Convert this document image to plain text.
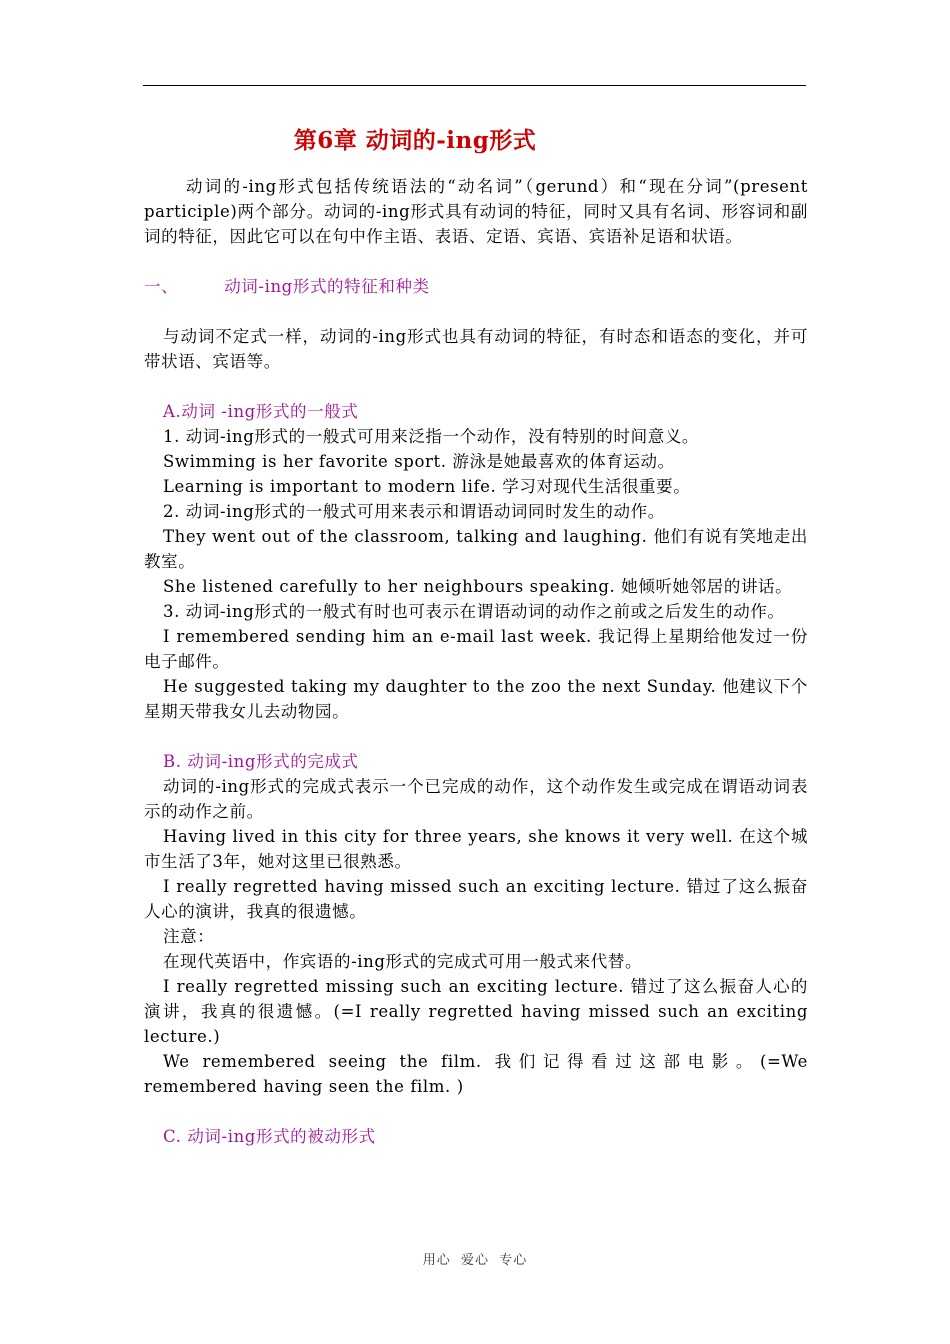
第6章 动词的-ing形式

动词的-ing形式包括传统语法的“动名词”（gerund）和“现在分词”(present participle)两个部分。动词的-ing形式具有动词的特征，同时又具有名词、形容词和副词的特征，因此它可以在句中作主语、表语、定语、宾语、宾语补足语和状语。

一、	动词-ing形式的特征和种类

与动词不定式一样，动词的-ing形式也具有动词的特征，有时态和语态的变化，并可带状语、宾语等。

A.动词 -ing形式的一般式

1. 动词-ing形式的一般式可用来泛指一个动作，没有特别的时间意义。

Swimming is her favorite sport. 游泳是她最喜欢的体育运动。

Learning is important to modern life. 学习对现代生活很重要。

2. 动词-ing形式的一般式可用来表示和谓语动词同时发生的动作。

They went out of the classroom, talking and laughing. 他们有说有笑地走出教室。

She listened carefully to her neighbours speaking. 她倾听她邻居的讲话。

3. 动词-ing形式的一般式有时也可表示在谓语动词的动作之前或之后发生的动作。

I remembered sending him an e-mail last week. 我记得上星期给他发过一份电子邮件。

He suggested taking my daughter to the zoo the next Sunday. 他建议下个星期天带我女儿去动物园。

B. 动词-ing形式的完成式

动词的-ing形式的完成式表示一个已完成的动作，这个动作发生或完成在谓语动词表示的动作之前。

Having lived in this city for three years, she knows it very well. 在这个城市生活了3年，她对这里已很熟悉。

I really regretted having missed such an exciting lecture. 错过了这么振奋人心的演讲，我真的很遗憾。

注意：

在现代英语中，作宾语的-ing形式的完成式可用一般式来代替。

I really regretted missing such an exciting lecture. 错过了这么振奋人心的演讲，我真的很遗憾。(=I really regretted having missed such an exciting lecture.)

We remembered seeing the film. 我们记得看过这部电影。(=We remembered having seen the film. )

C. 动词-ing形式的被动形式

用心  爱心  专心
